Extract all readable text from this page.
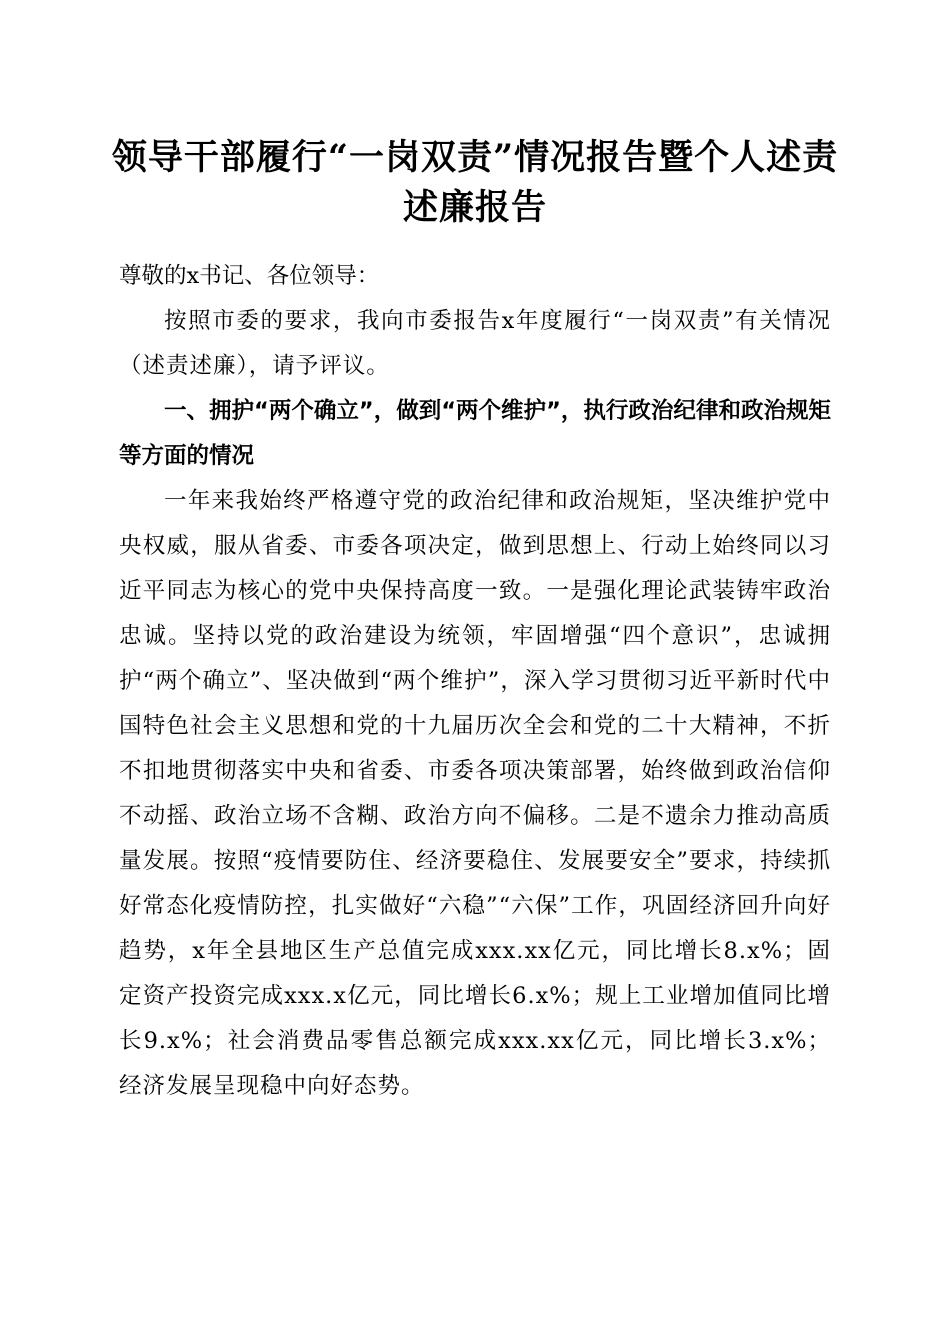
领导干部履行“一岗双责”情况报告暨个人述责述廉报告

尊敬的x书记、各位领导：

按照市委的要求，我向市委报告x年度履行“一岗双责”有关情况（述责述廉），请予评议。

一、拥护“两个确立”，做到“两个维护”，执行政治纪律和政治规矩等方面的情况

一年来我始终严格遵守党的政治纪律和政治规矩，坚决维护党中央权威，服从省委、市委各项决定，做到思想上、行动上始终同以习近平同志为核心的党中央保持高度一致。一是强化理论武装铸牢政治忠诚。坚持以党的政治建设为统领，牢固增强“四个意识”，忠诚拥护“两个确立”、坚决做到“两个维护”，深入学习贯彻习近平新时代中国特色社会主义思想和党的十九届历次全会和党的二十大精神，不折不扣地贯彻落实中央和省委、市委各项决策部署，始终做到政治信仰不动摇、政治立场不含糊、政治方向不偏移。二是不遗余力推动高质量发展。按照“疫情要防住、经济要稳住、发展要安全”要求，持续抓好常态化疫情防控，扎实做好“六稳”“六保”工作，巩固经济回升向好趋势，x年全县地区生产总值完成xxx.xx亿元，同比增长8.x%；固定资产投资完成xxx.x亿元，同比增长6.x%；规上工业增加值同比增长9.x%；社会消费品零售总额完成xxx.xx亿元，同比增长3.x%；经济发展呈现稳中向好态势。
